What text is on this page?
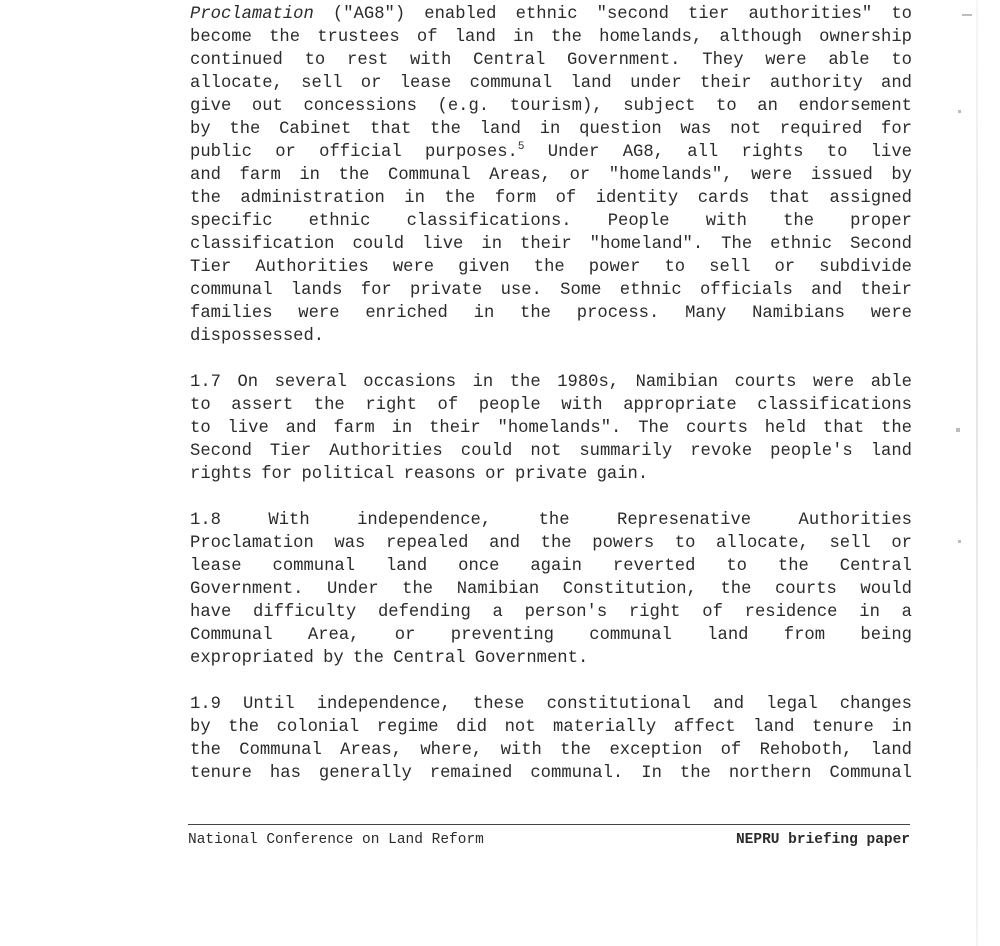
Proclamation ("AG8") enabled ethnic "second tier authorities" to
become the trustees of land in the homelands, although ownership
continued to rest with Central Government. They were able to
allocate, sell or lease communal land under their authority and
give out concessions (e.g. tourism), subject to an endorsement
by the Cabinet that the land in question was not required for
public or official purposes.$^5$ Under AG8, all rights to live
and farm in the Communal Areas, or "homelands", were issued by
the administration in the form of identity cards that assigned
specific ethnic classifications. People with the proper
classification could live in their "homeland". The ethnic Second
Tier Authorities were given the power to sell or subdivide
communal lands for private use. Some ethnic officials and their
families were enriched in the process. Many Namibians were
dispossessed.
1.7 On several occasions in the 1980s, Namibian courts were able
to assert the right of people with appropriate classifications
to live and farm in their "homelands". The courts held that the
Second Tier Authorities could not summarily revoke people's land
rights for political reasons or private gain.
1.8 With independence, the Represenative Authorities
Proclamation was repealed and the powers to allocate, sell or
lease communal land once again reverted to the Central
Government. Under the Namibian Constitution, the courts would
have difficulty defending a person's right of residence in a
Communal Area, or preventing communal land from being
expropriated by the Central Government.
1.9 Until independence, these constitutional and legal changes
by the colonial regime did not materially affect land tenure in
the Communal Areas, where, with the exception of Rehoboth, land
tenure has generally remained communal. In the northern Communal
National Conference on Land Reform	NEPRU briefing paper
